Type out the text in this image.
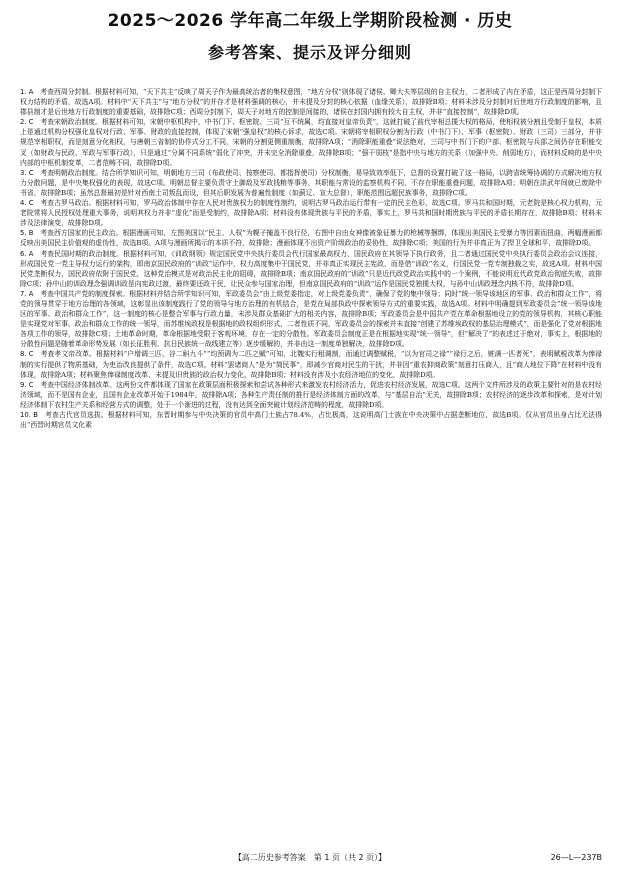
2025～2026 学年高二年级上学期阶段检测 · 历史
参考答案、提示及评分细则

1. A　 考查西周分封制。根据材料可知，“天下共主”反映了周天子作为最高统治者的集权意图，“地方分权”则体现了诸侯、卿大夫等层级的自主权力，二者形成了内在矛盾，这正是西周分封制下权力结构的矛盾，故选A项。材料中“天下共主”与“地方分权”的并存才是材料强调的核心，并未提及分封的核心依据（血缘关系），故排除B项；材料未涉及分封制对后世地方行政制度的影响，且郡县制才是后世地方行政制度的重要基础，故排除C项；西周分封制下，周天子对地方的控制是间接的，诸侯在封国内拥有较大自主权，并非“直接控制”，故排除D项。

2. C　 考查宋朝政治制度。根据材料可知，宋朝中枢机构中，中书门下、枢密院、三司“互不统属，均直接对皇帝负责”，这就打破了前代宰相总揽大权的格局，使相权被分割且受制于皇权，本质上是通过机构分权强化皇权对行政、军事、财政的直接控制，体现了宋朝“强皇权”的核心诉求，故选C项。宋朝将宰相职权分割为行政（中书门下）、军事（枢密院）、财政（三司）三部分，并非规范宰相职权，而是刻意分化相权，与唐朝三省制的协作式分工不同，宋朝的分割更侧重制衡，故排除A项；“消除职能重叠”说法绝对，三司与中书门下的户部、枢密院与兵部之间仍存在职能交叉（如财政与民政、军政与军事行政），只是通过“分属不同系统”弱化了冲突，并未完全消除重叠，故排除B项；“强干弱枝”是指中央与地方的关系（加强中央、削弱地方），而材料反映的是中央内部的中枢机制变革，二者范畴不同，故排除D项。

3. C　 考查明朝政治制度。结合所学知识可知，明朝地方三司（布政使司、按察使司、都指挥使司）分权制衡，易导致效率低下，总督的设置打破了这一格局，以跨省统筹协调的方式解决地方权力分散问题，是中央集权强化的表现，故选C项。明朝总督主要负责守土御敌及军政钱粮等事务，其职能与常设的监察机构不同，不存在职能重叠问题，故排除A项；明朝在洪武年间就已废除中书省，故排除B项；虽然总督最初是针对西南土司叛乱而设，但其后职发展为普遍性制度（如蓟辽、宣大总督），职能范围远超民族事务，故排除C项。

4. C　 考查古罗马政治。根据材料可知，罗马政治体制中存在人民对贵族权力的制度性制约，说明古罗马政治运行带有一定的民主色彩，故选C项。罗马共和国时期，元老院是核心权力机构，元老院常将人民授权处理重大事务，说明其权力并非“虚化”而是受制约，故排除A项；材料没有体现贵族与平民的矛盾，事实上，罗马共和国时期贵族与平民的矛盾长期存在，故排除B项；材料未涉及法律演变，故排除D项。

5. B　 考查西方国家的民主政治。根据漫画可知，左图美国以“民主、人权”为幌子掩盖不良行径，右图中自由女神像被象征暴力的枪械等捆绑，体现出美国民主受暴力等因素而扭曲，两幅漫画都反映出美国民主价值观的虚伪性，故选B项。A项与漫画所揭示的本质不符，故排除；漫画体现不出资产阶级政治的妥协性，故排除C项；美国的行为并非真正为了捍卫全球和平，故排除D项。

6. A　 考查民国时期的政治制度。根据材料可知，《训政纲领》规定国民党中央执行委员会代行国家最高权力，国民政府在其领导下执行政务，且二者通过国民党中央执行委员会政治会议连接，形成国民党一党主导权力运行的架构，即南京国民政府的“训政”运作中，权力高度集中于国民党，并非真正实现民主宪政，而是借“训政”名义，行国民党一党专制独裁之实，故选A项。材料中国民党垄断权力，国民政府依附于国民党，这种党治模式是对政治民主化的阻碍，故排除B项；南京国民政府的“训政”只是近代政党政治实践中的一个案例，不能说明近代政党政治彻底失败，故排除C项；孙中山的训政理念强调训政是向宪政过渡，最终要还政于民，让民众参与国家治理，但南京国民政府的“训政”运作是国民党独揽大权，与孙中山训政理念内核不符，故排除D项。

7. A　 考查中国共产党的制度探索。根据材料并结合所学知识可知，军政委员会“由上级党委指定，对上级党委负责”，确保了党的集中领导；同时“统一领导该地区的军事、政治和群众工作”，将党的领导贯穿于地方治理的各领域，这彰显出该制度践行了党的领导与地方治理的有机结合，是党在局部执政中探索领导方式的重要实践，故选A项。材料中明确提到军政委员会“统一领导该地区的军事、政治和群众工作”，这一制度的核心是整合军事与行政力量，未涉及群众基础扩大的相关内容，故排除B项；军政委员会是中国共产党在革命根据地设立的党的领导机构，其核心职能是实现党对军事、政治和群众工作的统一领导，而苏维埃政权是根据地的政权组织形式，二者性质不同，军政委员会的探索并未直接“创建了苏维埃政权的基层治理模式”，而是强化了党对根据地各项工作的领导，故排除C项；土地革命时期，革命根据地受限于客观环境，存在一定的分散性。军政委员会制度正是在根据地实现“统一领导”，但“解决了”的表述过于绝对，事实上，根据地的分散性问题是随着革命形势发展（如长征胜利、抗日民族统一战线建立等）逐步缓解的，并非由这一制度单独解决，故排除D项。

8. C　 考查孝文帝改革。根据材料“户增调三匹、谷二斛九斗”“均预调为二匹之赋”可知，北魏实行租调制，而通过调整赋税，“以为官司之禄”“禄行之后，赃满一匹者死”，表明赋税改革为俸禄制的实行提供了物质基础，为吏治改良提供了条件，故选C项。材料“罢诸商人”是为“简民事”，即减少官商对民生的干扰，并非因“重农抑商政策”刻意打压商人，且“商人地位下降”在材料中没有体现，故排除A项；材料聚焦俸禄制度改革，未提及旧贵族的政治权力变化，故排除B项；材料没有涉及小农经济地位的变化，故排除D项。

9. C　 考查中国经济体制改革。这两份文件都体现了国家在政策层面积极探索和尝试各种形式来激发农村经济活力，促进农村经济发展，故选C项。这两个文件所涉及的政策主要针对的是农村经济领域，而不是国有企业，且国有企业改革开始于1984年，故排除A项；各种生产责任制的推行是经济体制方面的改革，与“基层自治”无关，故排除B项；农村经济的逐步改革和探索，是对计划经济体制下农村生产关系和经营方式的调整，处于一个渐进的过程，没有达到全面突破计划经济范畴的程度，故排除D项。

10. B　 考查古代官员选拔。根据材料可知，东晋时期参与中央决策的官员中高门士族占78.4%，占比极高，这说明高门士族在中央决策中占据垄断地位，故选B项。仅从官员出身占比无法得出“西晋时期官员文化素

【高二历史参考答案　第 1 页（共 2 页）】	26—L—237B
